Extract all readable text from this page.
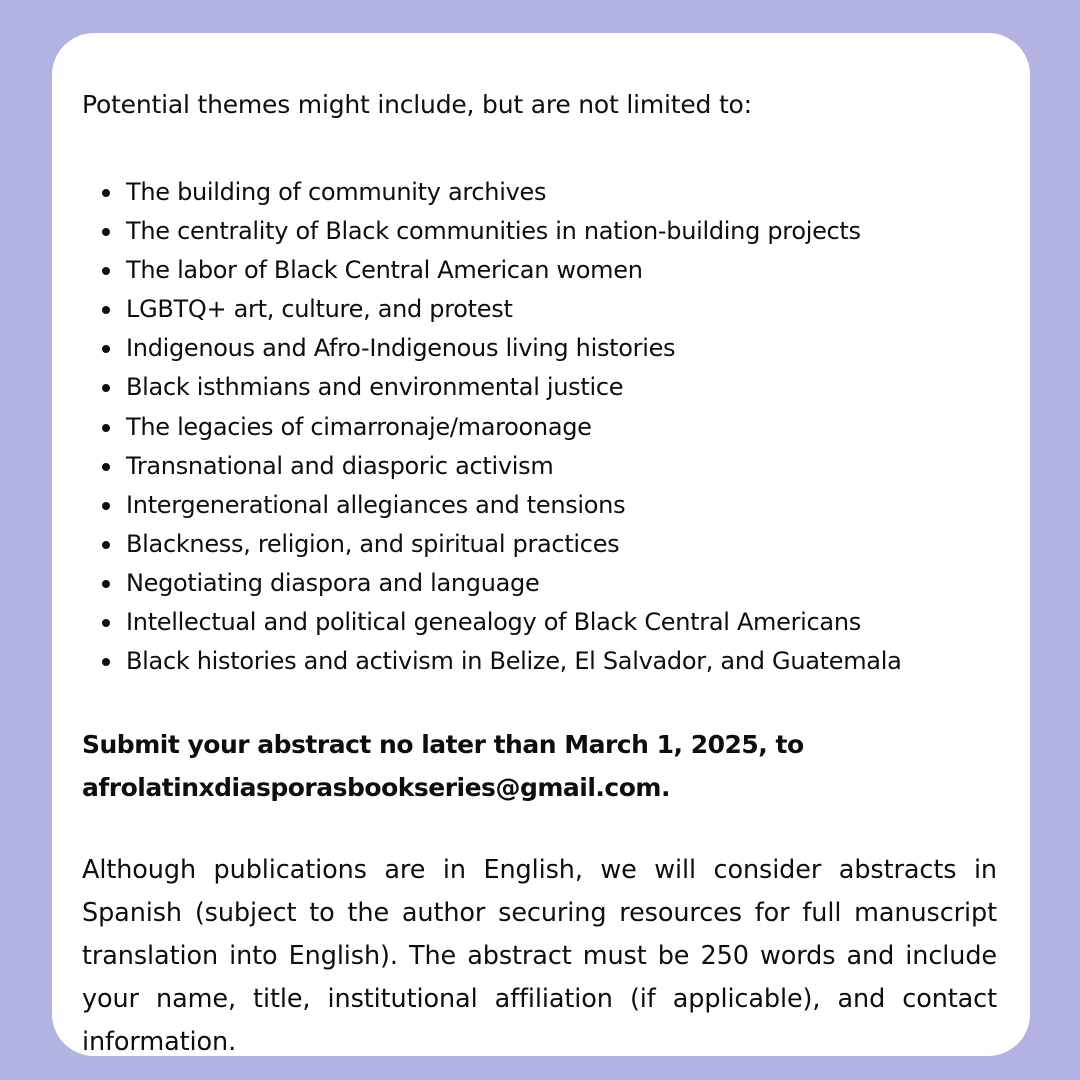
Potential themes might include, but are not limited to:

The building of community archives
The centrality of Black communities in nation-building projects
The labor of Black Central American women
LGBTQ+ art, culture, and protest
Indigenous and Afro-Indigenous living histories
Black isthmians and environmental justice
The legacies of cimarronaje/maroonage
Transnational and diasporic activism
Intergenerational allegiances and tensions
Blackness, religion, and spiritual practices
Negotiating diaspora and language
Intellectual and political genealogy of Black Central Americans
Black histories and activism in Belize, El Salvador, and Guatemala

Submit your abstract no later than March 1, 2025, to
afrolatinxdiasporasbookseries@gmail.com.

Although publications are in English, we will consider abstracts in Spanish (subject to the author securing resources for full manuscript translation into English). The abstract must be 250 words and include your name, title, institutional affiliation (if applicable), and contact information.
